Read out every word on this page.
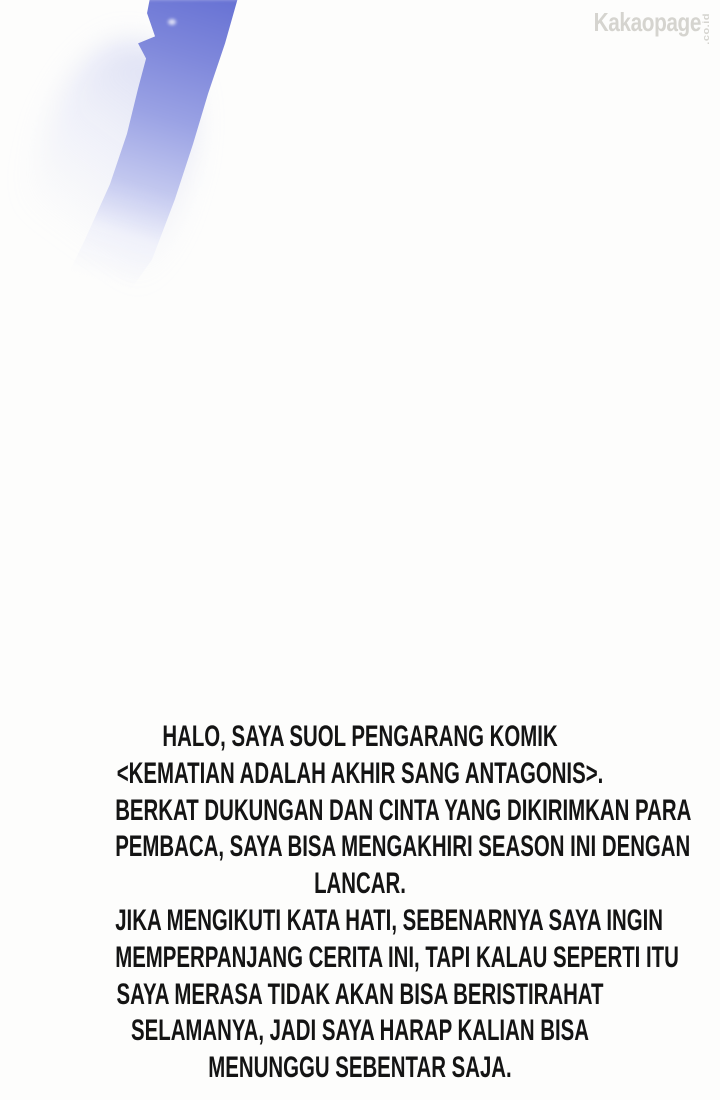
Kakaopage .co.id
HALO, SAYA SUOL PENGARANG KOMIK
<KEMATIAN ADALAH AKHIR SANG ANTAGONIS>.
BERKAT DUKUNGAN DAN CINTA YANG DIKIRIMKAN PARA
PEMBACA, SAYA BISA MENGAKHIRI SEASON INI DENGAN
LANCAR.
JIKA MENGIKUTI KATA HATI, SEBENARNYA SAYA INGIN
MEMPERPANJANG CERITA INI, TAPI KALAU SEPERTI ITU
SAYA MERASA TIDAK AKAN BISA BERISTIRAHAT
SELAMANYA, JADI SAYA HARAP KALIAN BISA
MENUNGGU SEBENTAR SAJA.
